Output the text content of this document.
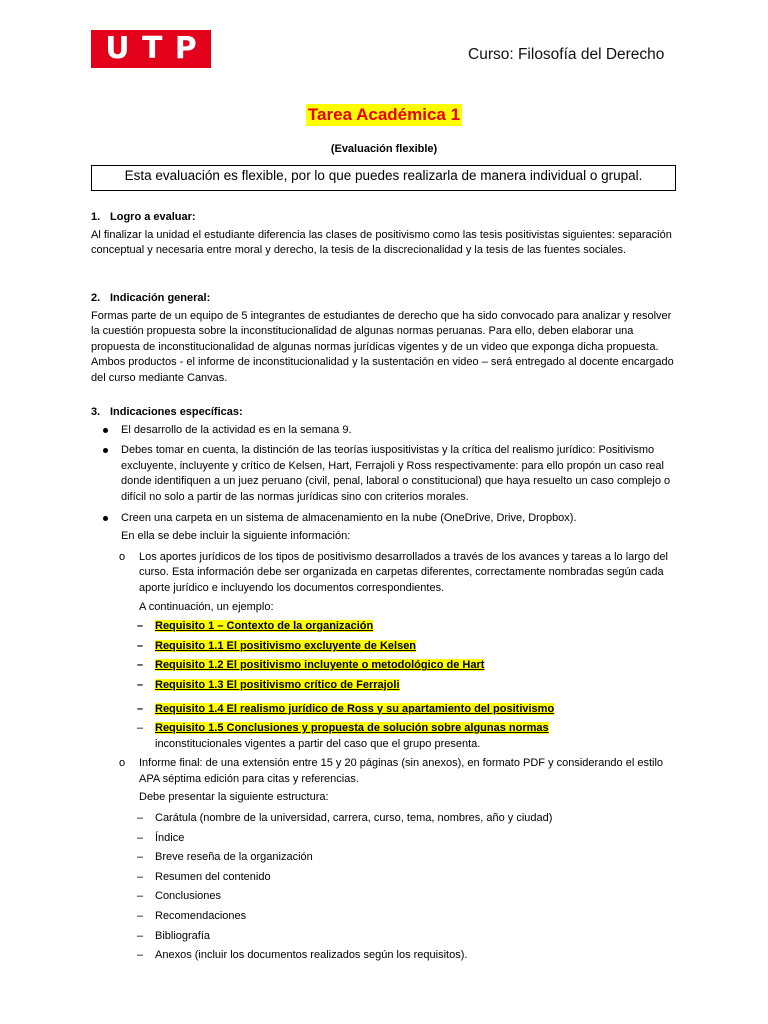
U T P	Curso: Filosofía del Derecho
Tarea Académica 1
(Evaluación flexible)
Esta evaluación es flexible, por lo que puedes realizarla de manera individual o grupal.

1. Logro a evaluar:

Al finalizar la unidad el estudiante diferencia las clases de positivismo como las tesis positivistas siguientes: separación conceptual y necesaria entre moral y derecho, la tesis de la discrecionalidad y la tesis de las fuentes sociales.

2. Indicación general:

Formas parte de un equipo de 5 integrantes de estudiantes de derecho que ha sido convocado para analizar y resolver la cuestión propuesta sobre la inconstitucionalidad de algunas normas peruanas. Para ello, deben elaborar una propuesta de inconstitucionalidad de algunas normas jurídicas vigentes y de un video que exponga dicha propuesta. Ambos productos - el informe de inconstitucionalidad y la sustentación en video – será entregado al docente encargado del curso mediante Canvas.

3. Indicaciones específicas:

El desarrollo de la actividad es en la semana 9.

Debes tomar en cuenta, la distinción de las teorías iuspositivistas y la crítica del realismo jurídico: Positivismo excluyente, incluyente y crítico de Kelsen, Hart, Ferrajoli y Ross respectivamente: para ello propón un caso real donde identifiquen a un juez peruano (civil, penal, laboral o constitucional) que haya resuelto un caso complejo o difícil no solo a partir de las normas jurídicas sino con criterios morales.

Creen una carpeta en un sistema de almacenamiento en la nube (OneDrive, Drive, Dropbox).

En ella se debe incluir la siguiente información:

o Los aportes jurídicos de los tipos de positivismo desarrollados a través de los avances y tareas a lo largo del curso. Esta información debe ser organizada en carpetas diferentes, correctamente nombradas según cada aporte jurídico e incluyendo los documentos correspondientes.

A continuación, un ejemplo:

– Requisito 1 – Contexto de la organización

– Requisito 1.1 El positivismo excluyente de Kelsen

– Requisito 1.2 El positivismo incluyente o metodológico de Hart

– Requisito 1.3 El positivismo crítico de Ferrajoli

– Requisito 1.4 El realismo jurídico de Ross y su apartamiento del positivismo

– Requisito 1.5 Conclusiones y propuesta de solución sobre algunas normas

inconstitucionales vigentes a partir del caso que el grupo presenta.

o Informe final: de una extensión entre 15 y 20 páginas (sin anexos), en formato PDF y considerando el estilo APA séptima edición para citas y referencias.

Debe presentar la siguiente estructura:

– Carátula (nombre de la universidad, carrera, curso, tema, nombres, año y ciudad)

– Índice

– Breve reseña de la organización

– Resumen del contenido

– Conclusiones

– Recomendaciones

– Bibliografía

– Anexos (incluir los documentos realizados según los requisitos).
